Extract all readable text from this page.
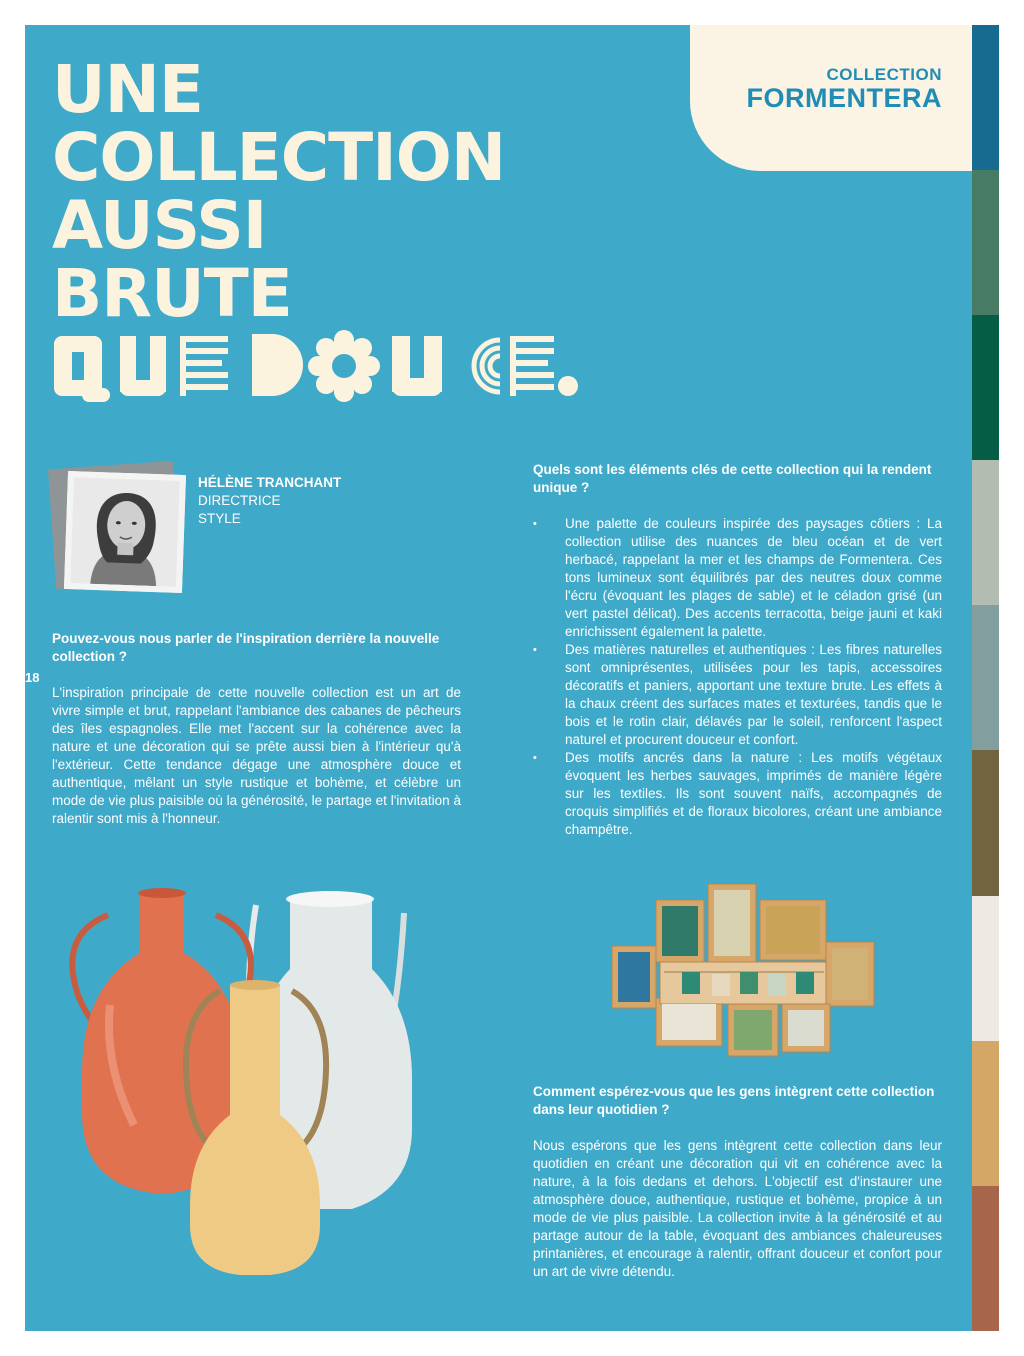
COLLECTION
FORMENTERA
UNE
COLLECTION
AUSSI
BRUTE
HÉLÈNE TRANCHANT
DIRECTRICE
STYLE
18
Pouvez-vous nous parler de l'inspiration derrière la nouvelle collection ?

L'inspiration principale de cette nouvelle collection est un art de vivre simple et brut, rappelant l'ambiance des cabanes de pêcheurs des îles espagnoles. Elle met l'accent sur la cohérence avec la nature et une décoration qui se prête aussi bien à l'intérieur qu'à l'extérieur. Cette tendance dégage une atmosphère douce et authentique, mêlant un style rustique et bohème, et célèbre un mode de vie plus paisible où la générosité, le partage et l'invitation à ralentir sont mis à l'honneur.

Quels sont les éléments clés de cette collection qui la rendent unique ?
• Une palette de couleurs inspirée des paysages côtiers : La collection utilise des nuances de bleu océan et de vert herbacé, rappelant la mer et les champs de Formentera. Ces tons lumineux sont équilibrés par des neutres doux comme l'écru (évoquant les plages de sable) et le céladon grisé (un vert pastel délicat). Des accents terracotta, beige jauni et kaki enrichissent également la palette.
• Des matières naturelles et authentiques : Les fibres naturelles sont omniprésentes, utilisées pour les tapis, accessoires décoratifs et paniers, apportant une texture brute. Les effets à la chaux créent des surfaces mates et texturées, tandis que le bois et le rotin clair, délavés par le soleil, renforcent l'aspect naturel et procurent douceur et confort.
• Des motifs ancrés dans la nature : Les motifs végétaux évoquent les herbes sauvages, imprimés de manière légère sur les textiles. Ils sont souvent naïfs, accompagnés de croquis simplifiés et de floraux bicolores, créant une ambiance champêtre.
Comment espérez-vous que les gens intègrent cette collection dans leur quotidien ?

Nous espérons que les gens intègrent cette collection dans leur quotidien en créant une décoration qui vit en cohérence avec la nature, à la fois dedans et dehors. L'objectif est d'instaurer une atmosphère douce, authentique, rustique et bohème, propice à un mode de vie plus paisible. La collection invite à la générosité et au partage autour de la table, évoquant des ambiances chaleureuses printanières, et encourage à ralentir, offrant douceur et confort pour un art de vivre détendu.
